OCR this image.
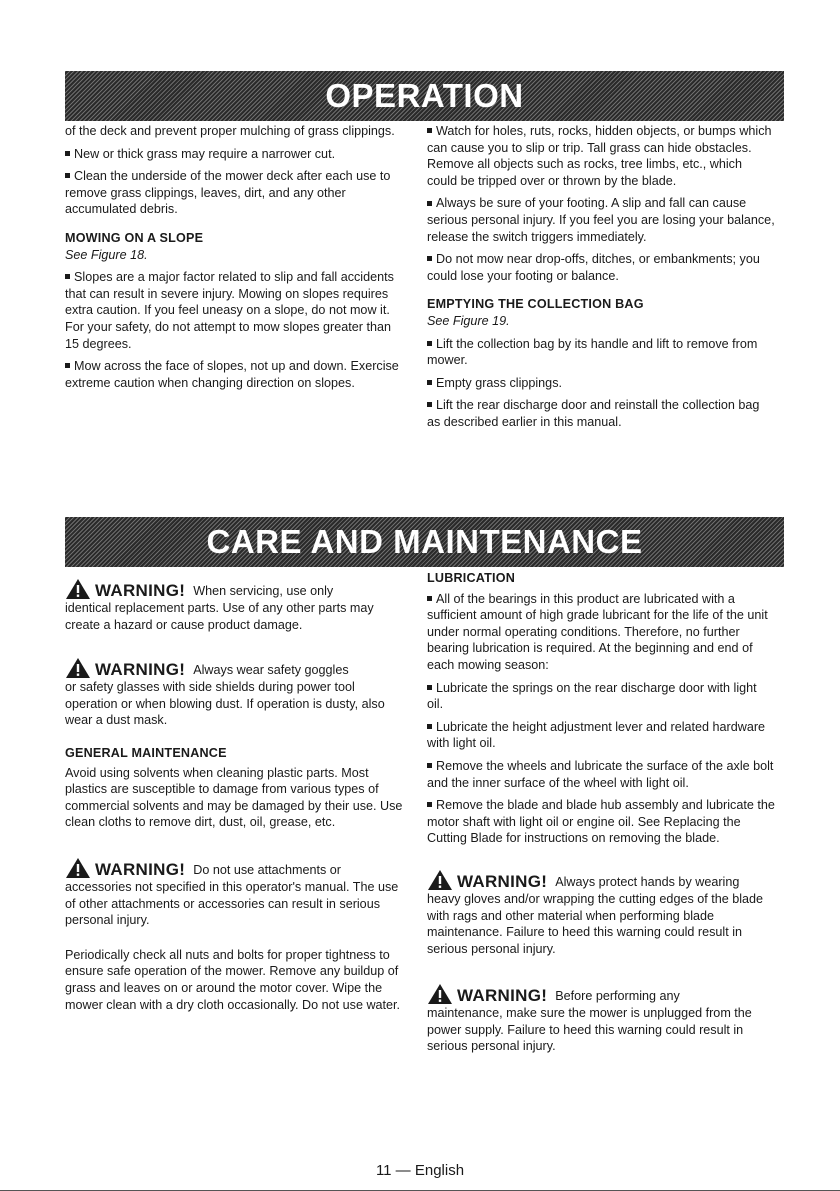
OPERATION

of the deck and prevent proper mulching of grass clippings.

New or thick grass may require a narrower cut.

Clean the underside of the mower deck after each use to remove grass clippings, leaves, dirt, and any other accumulated debris.

MOWING ON A SLOPE
See Figure 18.

Slopes are a major factor related to slip and fall accidents that can result in severe injury. Mowing on slopes requires extra caution. If you feel uneasy on a slope, do not mow it. For your safety, do not attempt to mow slopes greater than 15 degrees.

Mow across the face of slopes, not up and down. Exercise extreme caution when changing direction on slopes.

Watch for holes, ruts, rocks, hidden objects, or bumps which can cause you to slip or trip. Tall grass can hide obstacles. Remove all objects such as rocks, tree limbs, etc., which could be tripped over or thrown by the blade.

Always be sure of your footing. A slip and fall can cause serious personal injury. If you feel you are losing your balance, release the switch triggers immediately.

Do not mow near drop-offs, ditches, or embankments; you could lose your footing or balance.

EMPTYING THE COLLECTION BAG
See Figure 19.

Lift the collection bag by its handle and lift to remove from mower.

Empty grass clippings.

Lift the rear discharge door and reinstall the collection bag as described earlier in this manual.

CARE AND MAINTENANCE
WARNING! When servicing, use only

identical replacement parts. Use of any other parts may create a hazard or cause product damage.

WARNING! Always wear safety goggles

or safety glasses with side shields during power tool operation or when blowing dust. If operation is dusty, also wear a dust mask.

GENERAL MAINTENANCE

Avoid using solvents when cleaning plastic parts. Most plastics are susceptible to damage from various types of commercial solvents and may be damaged by their use. Use clean cloths to remove dirt, dust, oil, grease, etc.

WARNING! Do not use attachments or

accessories not specified in this operator's manual. The use of other attachments or accessories can result in serious personal injury.

Periodically check all nuts and bolts for proper tightness to ensure safe operation of the mower. Remove any buildup of grass and leaves on or around the motor cover. Wipe the mower clean with a dry cloth occasionally. Do not use water.

LUBRICATION

All of the bearings in this product are lubricated with a sufficient amount of high grade lubricant for the life of the unit under normal operating conditions. Therefore, no further bearing lubrication is required. At the beginning and end of each mowing season:

Lubricate the springs on the rear discharge door with light oil.

Lubricate the height adjustment lever and related hardware with light oil.

Remove the wheels and lubricate the surface of the axle bolt and the inner surface of the wheel with light oil.

Remove the blade and blade hub assembly and lubricate the motor shaft with light oil or engine oil. See Replacing the Cutting Blade for instructions on removing the blade.

WARNING! Always protect hands by wearing

heavy gloves and/or wrapping the cutting edges of the blade with rags and other material when performing blade maintenance. Failure to heed this warning could result in serious personal injury.

WARNING! Before performing any

maintenance, make sure the mower is unplugged from the power supply. Failure to heed this warning could result in serious personal injury.

11 — English
